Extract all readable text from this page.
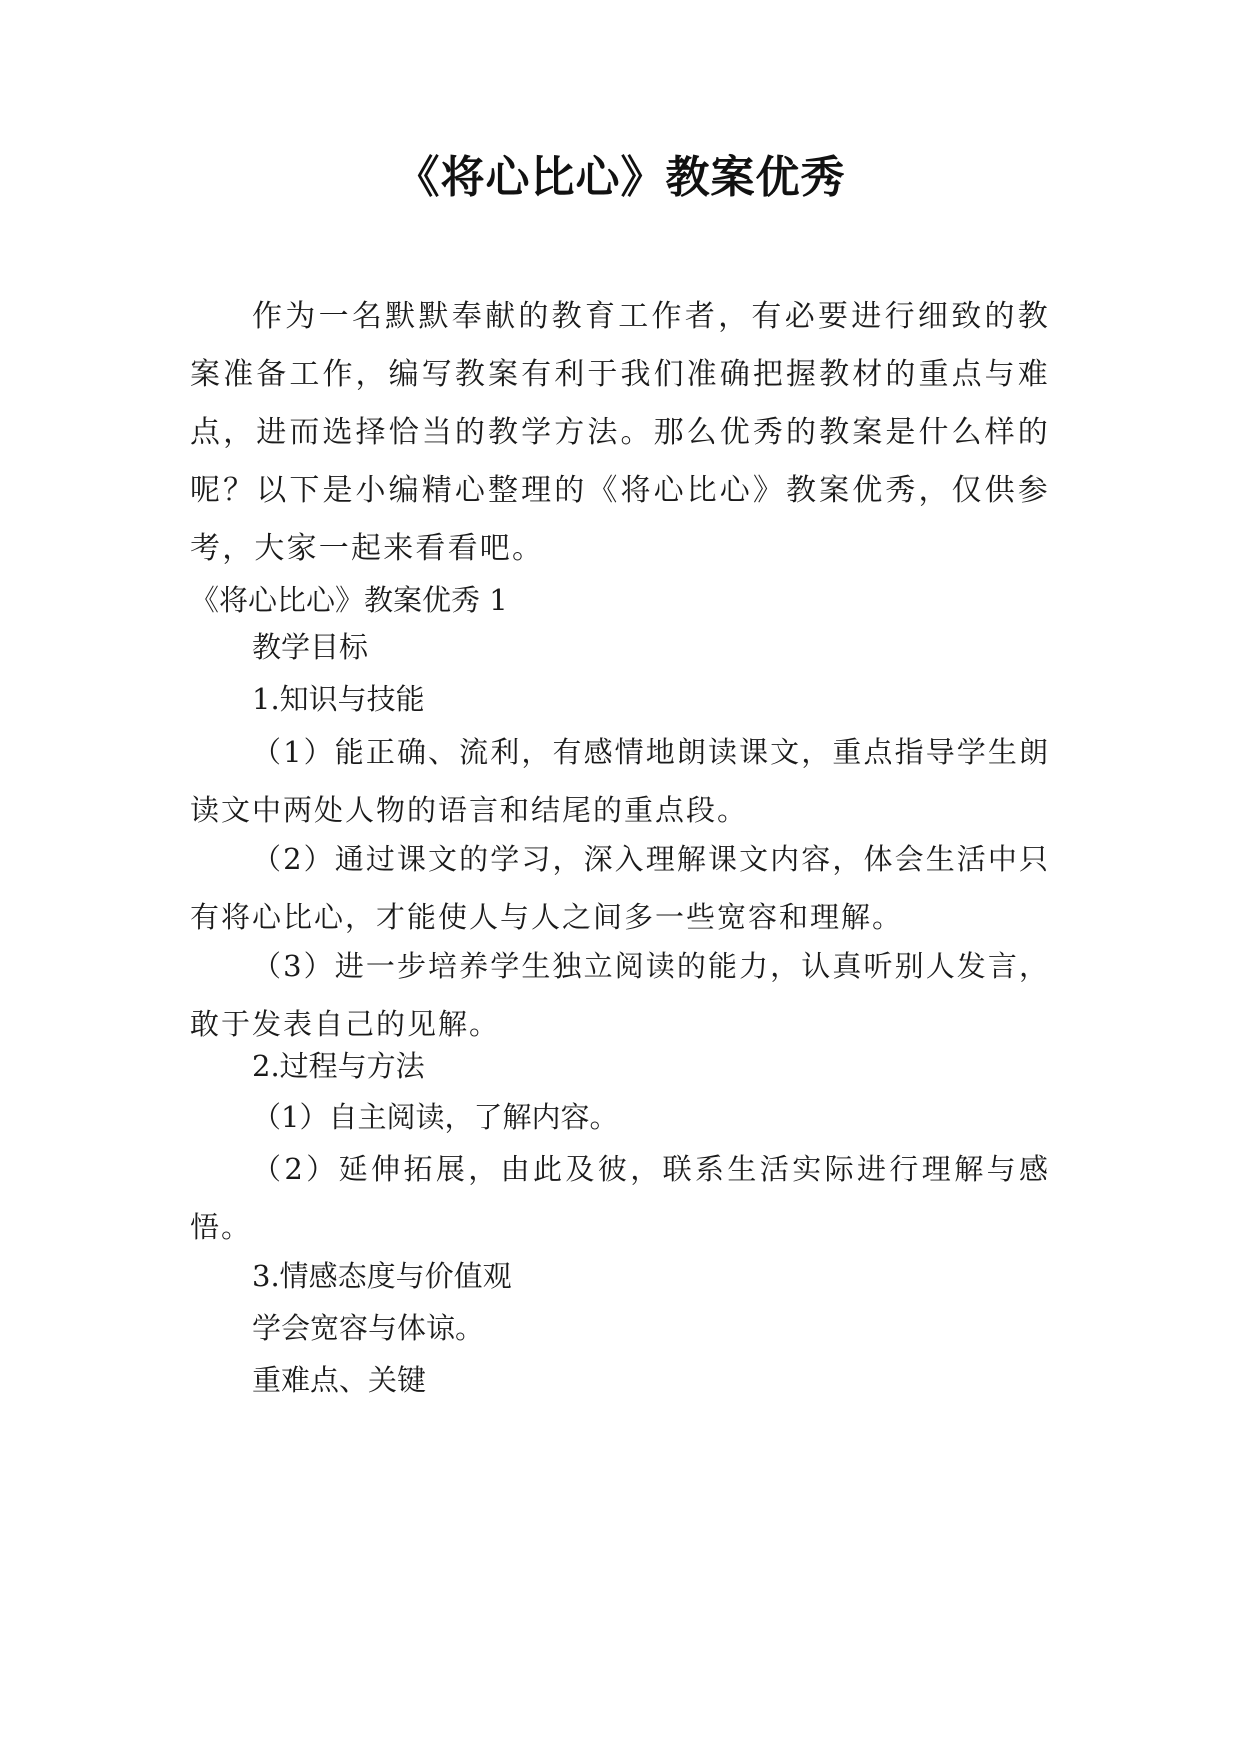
《将心比心》教案优秀
作为一名默默奉献的教育工作者，有必要进行细致的教案准备工作，编写教案有利于我们准确把握教材的重点与难点，进而选择恰当的教学方法。那么优秀的教案是什么样的呢？以下是小编精心整理的《将心比心》教案优秀，仅供参考，大家一起来看看吧。
《将心比心》教案优秀 1
教学目标
1.知识与技能
（1）能正确、流利，有感情地朗读课文，重点指导学生朗读文中两处人物的语言和结尾的重点段。
（2）通过课文的学习，深入理解课文内容，体会生活中只有将心比心，才能使人与人之间多一些宽容和理解。
（3）进一步培养学生独立阅读的能力，认真听别人发言，敢于发表自己的见解。
2.过程与方法
（1）自主阅读，了解内容。
（2）延伸拓展，由此及彼，联系生活实际进行理解与感悟。
3.情感态度与价值观
学会宽容与体谅。
重难点、关键
